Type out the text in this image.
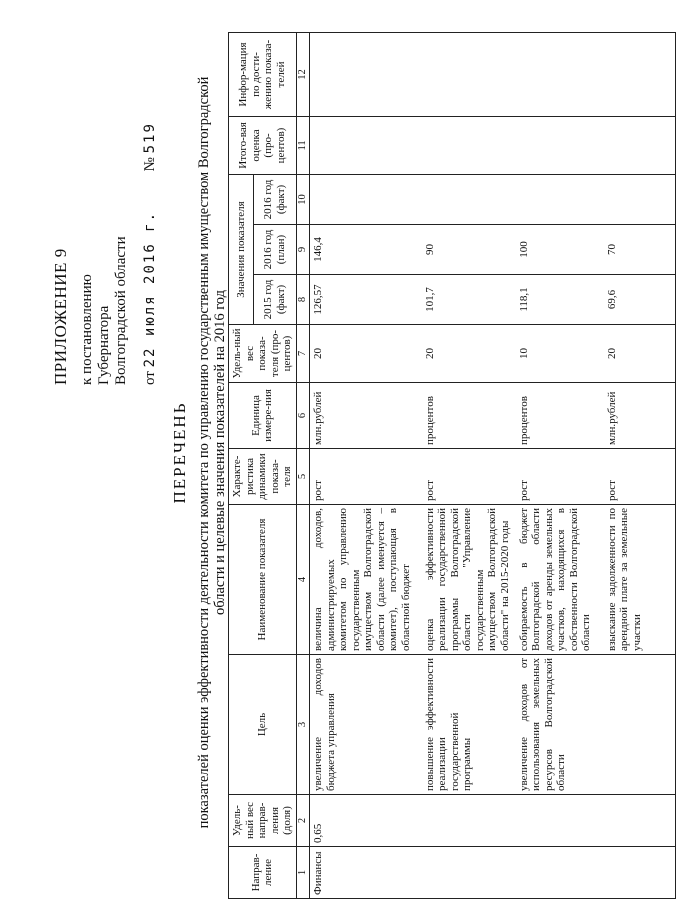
ПРИЛОЖЕНИЕ 9 к постановлению Губернатора Волгоградской области от 22 июля 2016 г.  № 519
ПЕРЕЧЕНЬ показателей оценки эффективности деятельности комитета по управлению государственным имуществом Волгоградской области и целевые значения показателей на 2016 год
Направ-ление	Удель-ный вес направ-ления (доля)	Цель	Наименование показателя	Характе-ристика динамики показа-теля	Единица измере-ния	Удель-ный вес показа-теля (про-центов)	Значения показателя			Итого-вая оценка (про-центов)	Инфор-мация по дости-жению показа-телей
							2015 год (факт)	2016 год (план)	2016 год (факт)		
1	2	3	4	5	6	7	8	9	10	11	12
Финансы	0,65	увеличение доходов бюджета управления	величина доходов, администрируемых комитетом по управлению государственным имуществом Волгоградской области (далее именуется – комитет), поступающая в областной бюджет	рост	млн.рублей	20	126,57	146,4			
		повышение эффективности реализации государственной программы	оценка эффективности реализации государственной программы Волгоградской области "Управление государственным имуществом Волгоградской области" на 2015-2020 годы	рост	процентов	20	101,7	90			
		увеличение доходов от использования земельных ресурсов Волгоградской области	собираемость в бюджет Волгоградской области доходов от аренды земельных участков, находящихся в собственности Волгоградской области	рост	процентов	10	118,1	100			
			взыскание задолженности по арендной плате за земельные участки	рост	млн.рублей	20	69,6	70			
